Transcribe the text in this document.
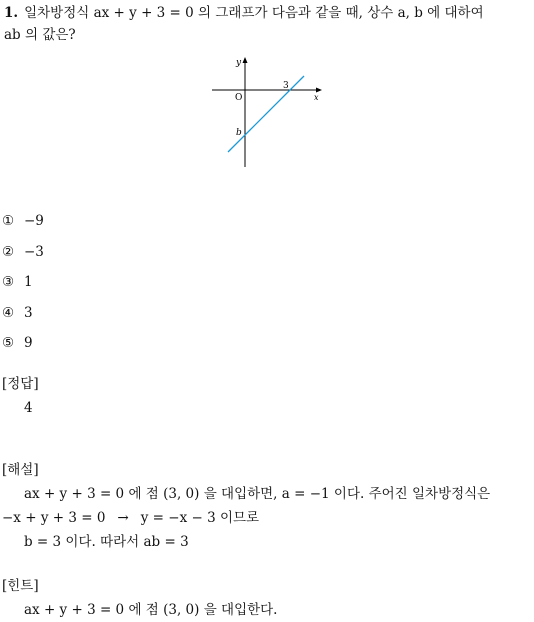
1. 일차방정식 ax + y + 3 = 0 의 그래프가 다음과 같을 때, 상수 a, b 에 대하여
ab 의 값은?
y
x
O
3
b
① −9
② −3
③ 1
④ 3
⑤ 9
[정답]
4
[해설]
ax + y + 3 = 0 에 점 (3, 0) 을 대입하면, a = −1 이다. 주어진 일차방정식은
−x + y + 3 = 0 → y = −x − 3 이므로
b = 3 이다. 따라서 ab = 3
[힌트]
ax + y + 3 = 0 에 점 (3, 0) 을 대입한다.
